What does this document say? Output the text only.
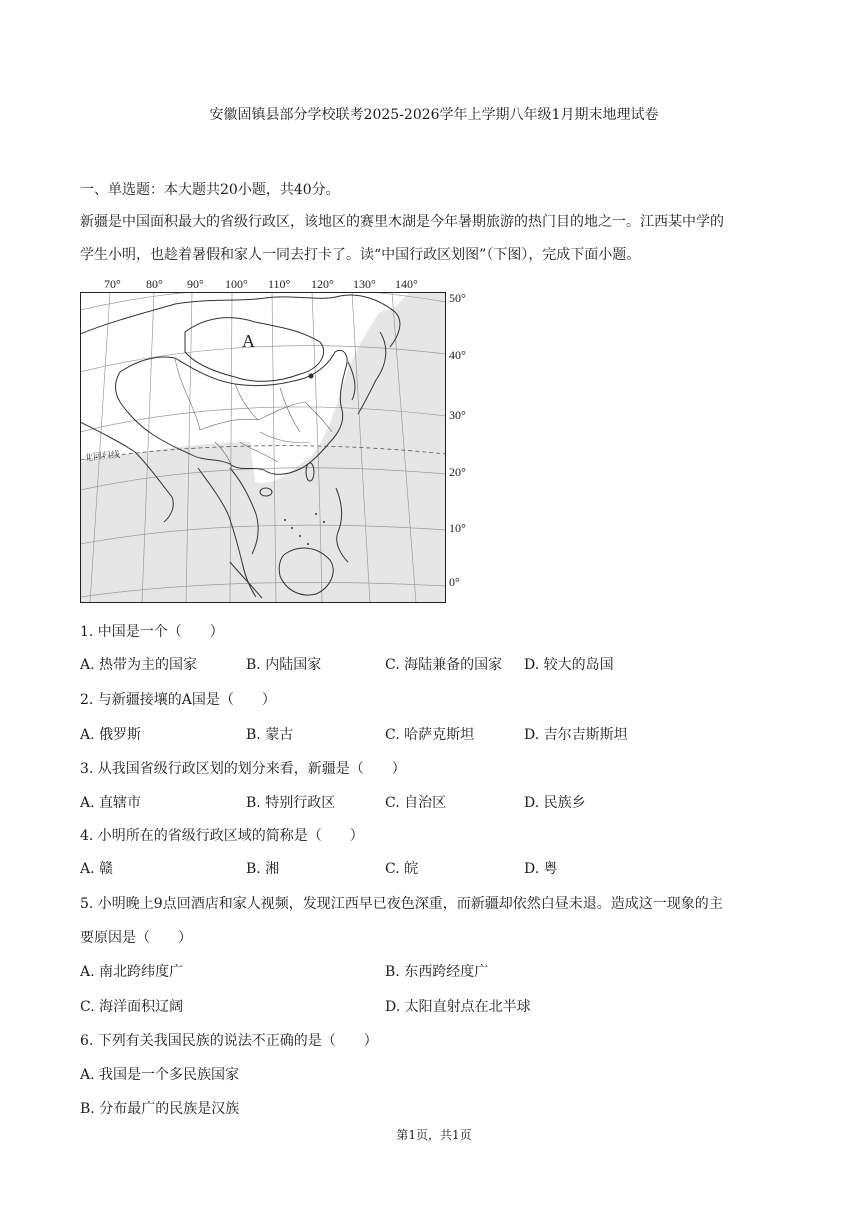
安徽固镇县部分学校联考2025-2026学年上学期八年级1月期末地理试卷
一、单选题：本大题共20小题，共40分。
新疆是中国面积最大的省级行政区，该地区的赛里木湖是今年暑期旅游的热门目的地之一。江西某中学的
学生小明，也趁着暑假和家人一同去打卡了。读“中国行政区划图”（下图），完成下面小题。
70° 80° 90° 100° 110° 120° 130° 140°
50°
40°
30°
20°
10°
0°
A
北回归线
1. 中国是一个（　　）
A. 热带为主的国家	B. 内陆国家	C. 海陆兼备的国家 D. 较大的岛国
2. 与新疆接壤的A国是（　　）
A. 俄罗斯	B. 蒙古	C. 哈萨克斯坦	D. 吉尔吉斯斯坦
3. 从我国省级行政区划的划分来看，新疆是（　　）
A. 直辖市	B. 特别行政区	C. 自治区	D. 民族乡
4. 小明所在的省级行政区域的简称是（　　）
A. 赣	B. 湘	C. 皖	D. 粤
5. 小明晚上9点回酒店和家人视频，发现江西早已夜色深重，而新疆却依然白昼未退。造成这一现象的主
要原因是（　　）
A. 南北跨纬度广	B. 东西跨经度广
C. 海洋面积辽阔	D. 太阳直射点在北半球
6. 下列有关我国民族的说法不正确的是（　　）
A. 我国是一个多民族国家
B. 分布最广的民族是汉族
第1页，共1页
